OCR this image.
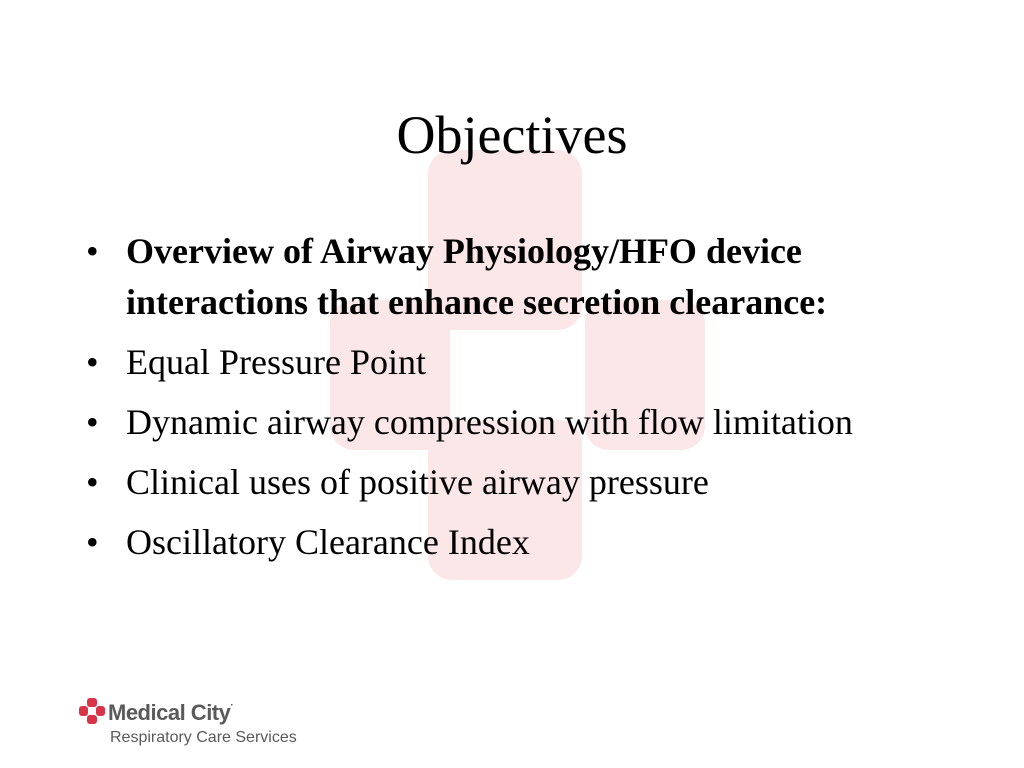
Objectives
• Overview of Airway Physiology/HFO device interactions that enhance secretion clearance:
• Equal Pressure Point
• Dynamic airway compression with flow limitation
• Clinical uses of positive airway pressure
• Oscillatory Clearance Index
Medical City·
Respiratory Care Services
